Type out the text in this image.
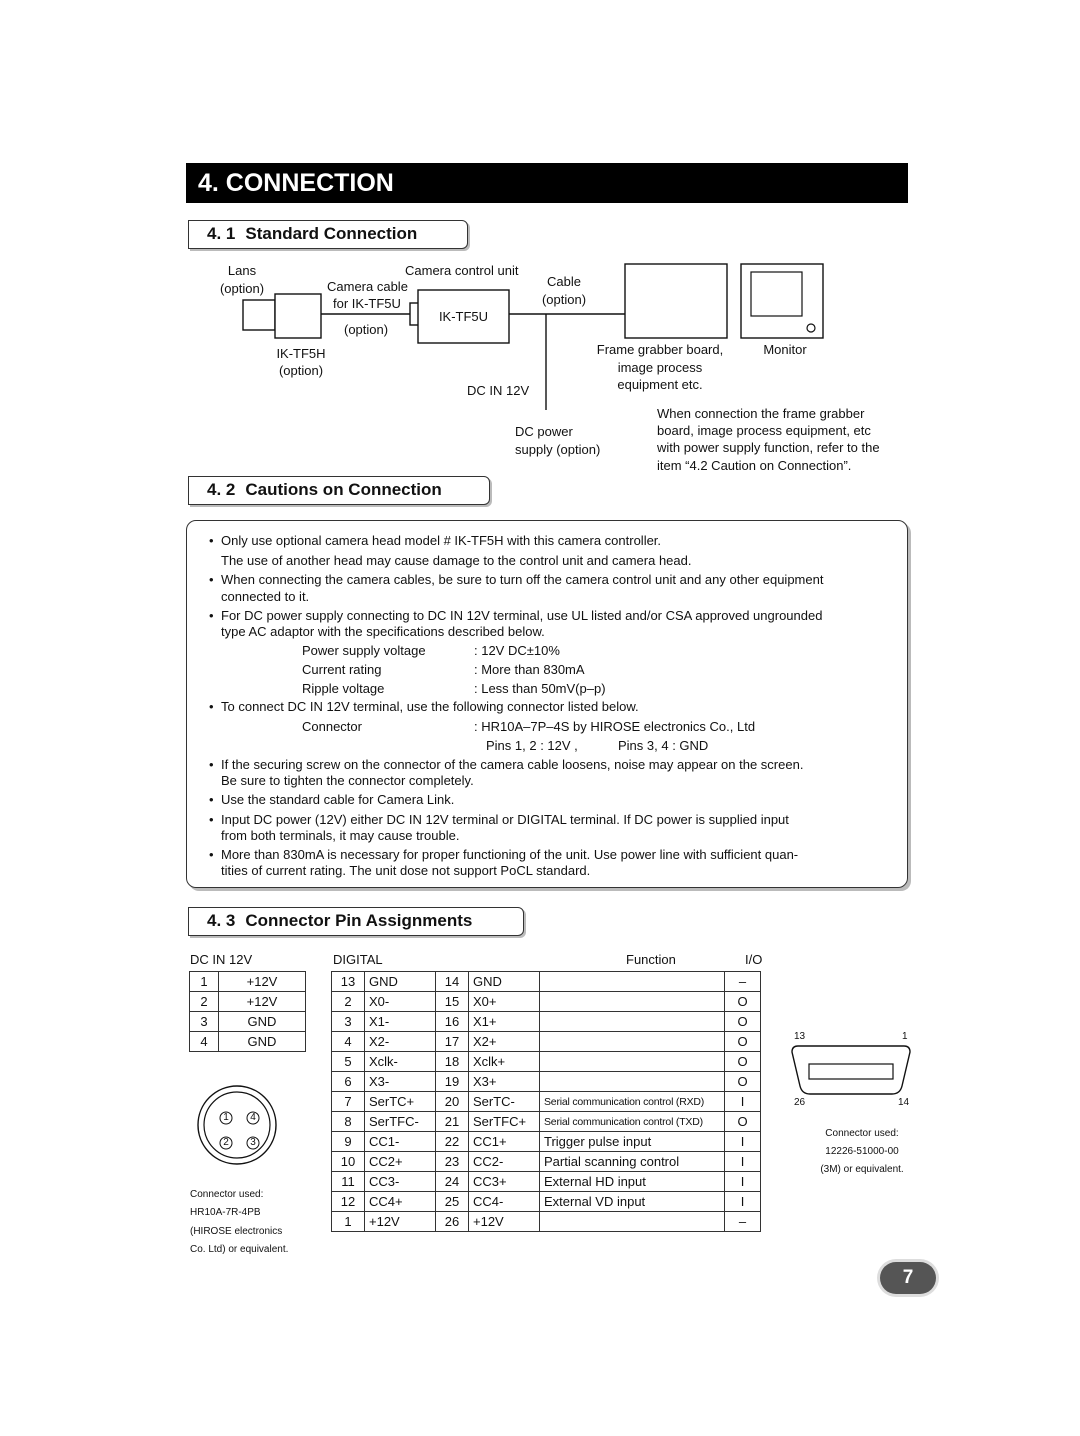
4. CONNECTION
4. 1 Standard Connection
Lans
(option)	Camera cable
for IK-TF5U
(option)
IK-TF5H
(option)
Camera control unit
IK-TF5U
Cable
(option)
DC IN 12V
DC power
supply (option)
Frame grabber board,
image process
equipment etc.
Monitor
When connection the frame grabber
board, image process equipment, etc
with power supply function, refer to the
item “4.2 Caution on Connection”.
4. 2 Cautions on Connection
• Only use optional camera head model # IK-TF5H with this camera controller.
The use of another head may cause damage to the control unit and camera head.
• When connecting the camera cables, be sure to turn off the camera control unit and any other equipment
connected to it.
• For DC power supply connecting to DC IN 12V terminal, use UL listed and/or CSA approved ungrounded
type AC adaptor with the specifications described below.
Power supply voltage	: 12V DC±10%
Current rating	: More than 830mA
Ripple voltage	: Less than 50mV(p–p)
• To connect DC IN 12V terminal, use the following connector listed below.
Connector	: HR10A–7P–4S by HIROSE electronics Co., Ltd
Pins 1, 2 : 12V ,	Pins 3, 4 : GND
• If the securing screw on the connector of the camera cable loosens, noise may appear on the screen.
Be sure to tighten the connector completely.
• Use the standard cable for Camera Link.
• Input DC power (12V) either DC IN 12V terminal or DIGITAL terminal. If DC power is supplied input
from both terminals, it may cause trouble.
• More than 830mA is necessary for proper functioning of the unit. Use power line with sufficient quan-
tities of current rating. The unit dose not support PoCL standard.
4. 3 Connector Pin Assignments
DC IN 12V
1	+12V
2	+12V
3	GND
4	GND
1	4
2	3
Connector used:
HR10A-7R-4PB
(HIROSE electronics
Co. Ltd) or equivalent.
DIGITAL	Function	I/O
13	GND	14	GND		–
2	X0-	15	X0+		O
3	X1-	16	X1+		O
4	X2-	17	X2+		O
5	Xclk-	18	Xclk+		O
6	X3-	19	X3+		O
7	SerTC+	20	SerTC-	Serial communication control (RXD)	I
8	SerTFC-	21	SerTFC+	Serial communication control (TXD)	O
9	CC1-	22	CC1+	Trigger pulse input	I
10	CC2+	23	CC2-	Partial scanning control	I
11	CC3-	24	CC3+	External HD input	I
12	CC4+	25	CC4-	External VD input	I
1	+12V	26	+12V		–
13	1
26	14
Connector used:
12226-51000-00
(3M) or equivalent.
7
